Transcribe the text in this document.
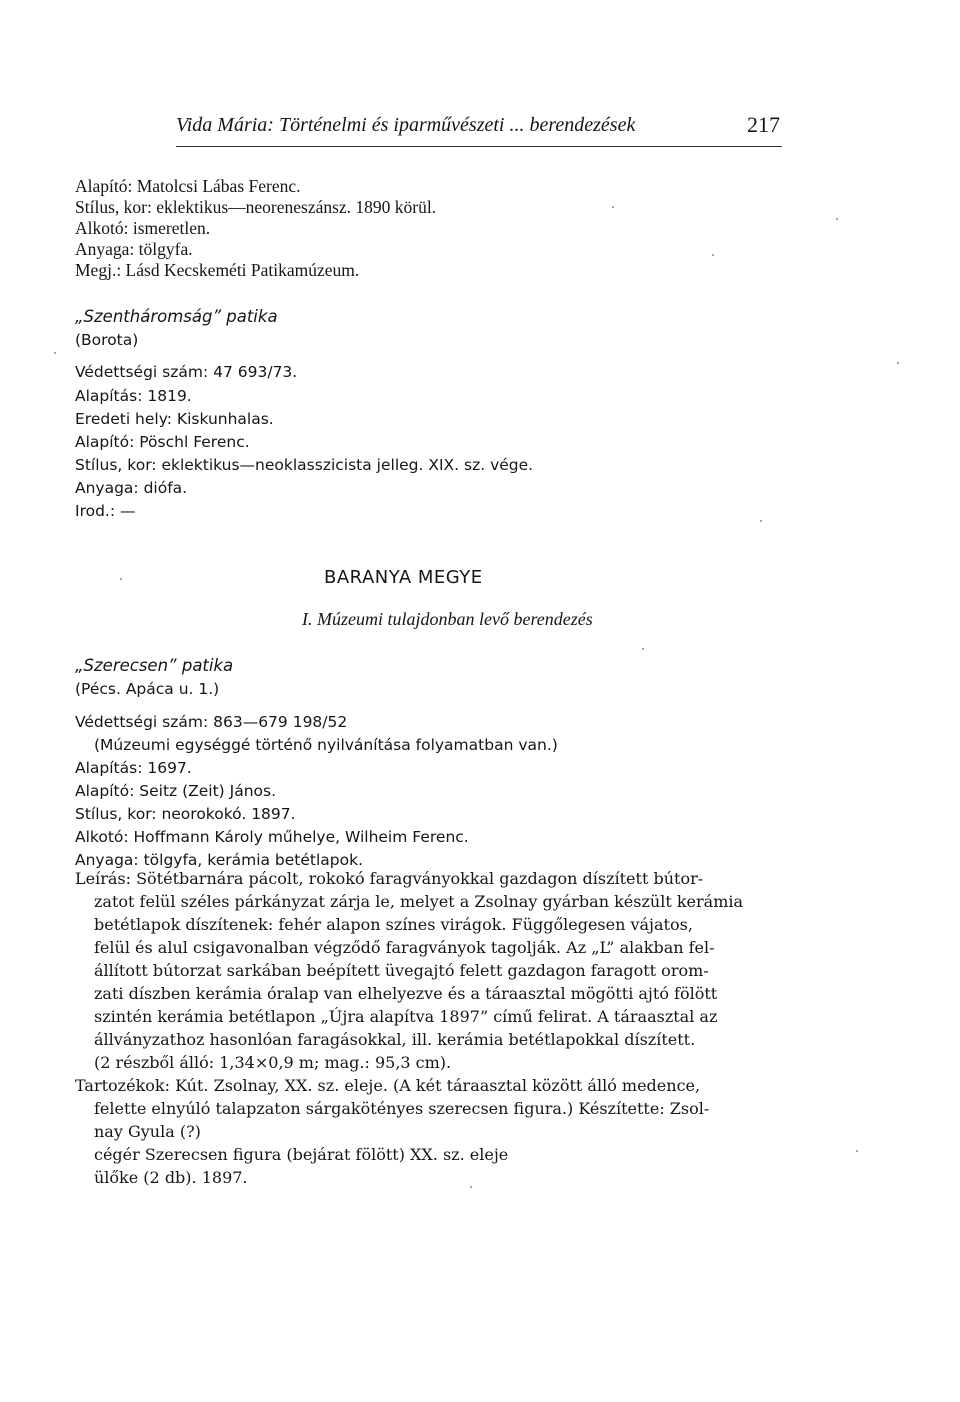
Vida Mária: Történelmi és iparművészeti ... berendezések	217
Alapító: Matolcsi Lábas Ferenc.
Stílus, kor: eklektikus—neoreneszánsz. 1890 körül.
Alkotó: ismeretlen.
Anyaga: tölgyfa.
Megj.: Lásd Kecskeméti Patikamúzeum.
„Szentháromság” patika
(Borota)
Védettségi szám: 47 693/73.
Alapítás: 1819.
Eredeti hely: Kiskunhalas.
Alapító: Pöschl Ferenc.
Stílus, kor: eklektikus—neoklasszicista jelleg. XIX. sz. vége.
Anyaga: diófa.
Irod.: —
BARANYA MEGYE
I. Múzeumi tulajdonban levő berendezés
„Szerecsen” patika
(Pécs. Apáca u. 1.)
Védettségi szám: 863—679 198/52
(Múzeumi egységgé történő nyilvánítása folyamatban van.)
Alapítás: 1697.
Alapító: Seitz (Zeit) János.
Stílus, kor: neorokokó. 1897.
Alkotó: Hoffmann Károly műhelye, Wilheim Ferenc.
Anyaga: tölgyfa, kerámia betétlapok.
Leírás: Sötétbarnára pácolt, rokokó faragványokkal gazdagon díszített bútor-
zatot felül széles párkányzat zárja le, melyet a Zsolnay gyárban készült kerámia
betétlapok díszítenek: fehér alapon színes virágok. Függőlegesen vájatos,
felül és alul csigavonalban végződő faragványok tagolják. Az „L” alakban fel-
állított bútorzat sarkában beépített üvegajtó felett gazdagon faragott orom-
zati díszben kerámia óralap van elhelyezve és a táraasztal mögötti ajtó fölött
szintén kerámia betétlapon „Újra alapítva 1897” című felirat. A táraasztal az
állványzathoz hasonlóan faragásokkal, ill. kerámia betétlapokkal díszített.
(2 részből álló: 1,34×0,9 m; mag.: 95,3 cm).
Tartozékok: Kút. Zsolnay, XX. sz. eleje. (A két táraasztal között álló medence,
felette elnyúló talapzaton sárgakötényes szerecsen figura.) Készítette: Zsol-
nay Gyula (?)
cégér Szerecsen figura (bejárat fölött) XX. sz. eleje
ülőke (2 db). 1897.
